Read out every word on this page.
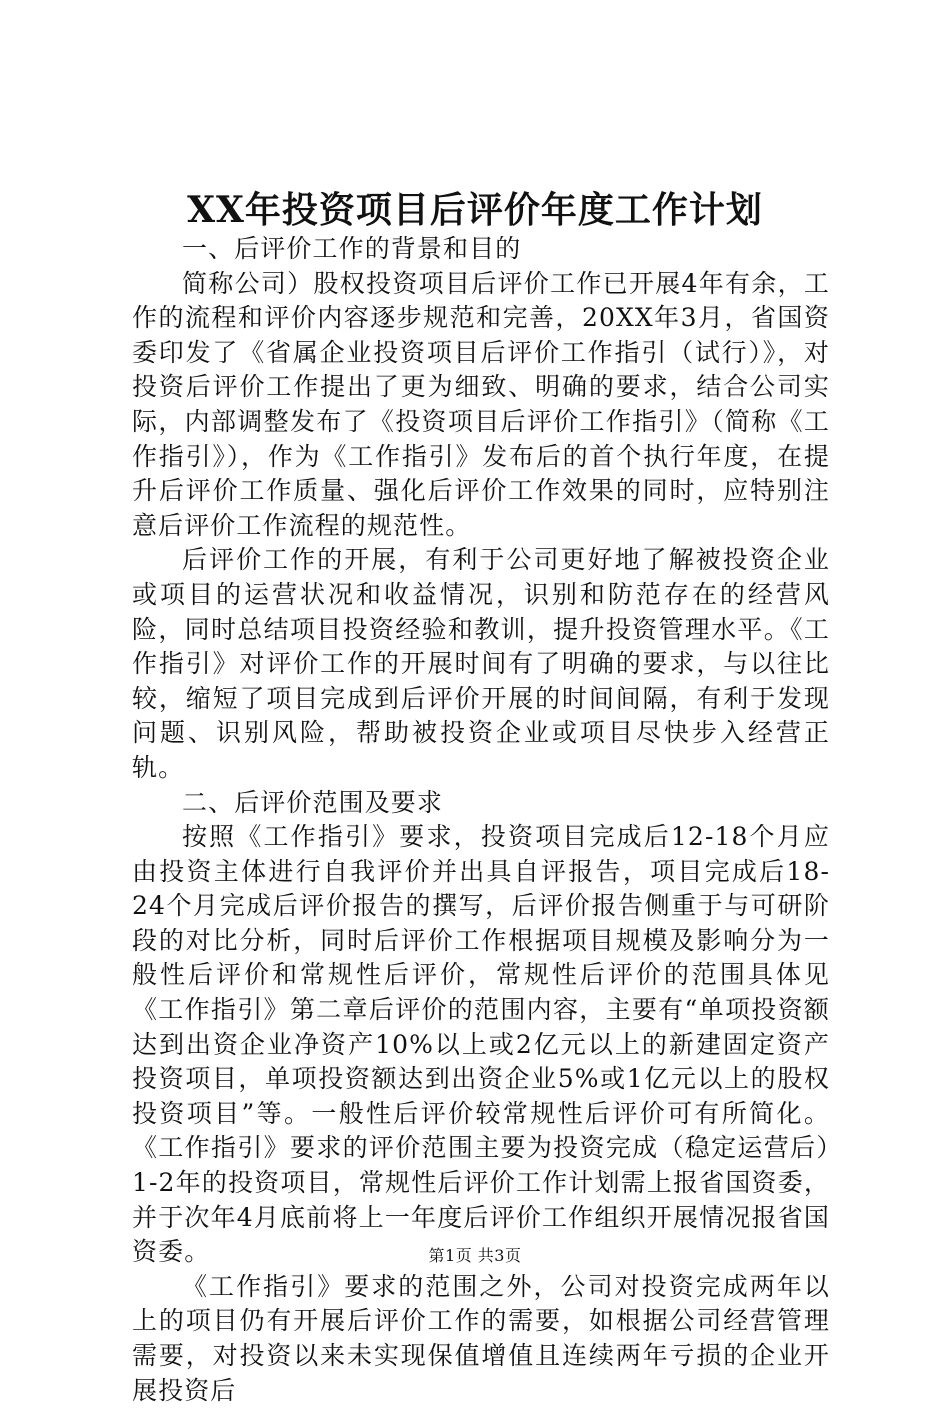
XX年投资项目后评价年度工作计划

一、后评价工作的背景和目的

简称公司）股权投资项目后评价工作已开展4年有余，工作的流程和评价内容逐步规范和完善，20XX年3月，省国资委印发了《省属企业投资项目后评价工作指引（试行）》，对投资后评价工作提出了更为细致、明确的要求，结合公司实际，内部调整发布了《投资项目后评价工作指引》（简称《工作指引》），作为《工作指引》发布后的首个执行年度，在提升后评价工作质量、强化后评价工作效果的同时，应特别注意后评价工作流程的规范性。

后评价工作的开展，有利于公司更好地了解被投资企业或项目的运营状况和收益情况，识别和防范存在的经营风险，同时总结项目投资经验和教训，提升投资管理水平。《工作指引》对评价工作的开展时间有了明确的要求，与以往比较，缩短了项目完成到后评价开展的时间间隔，有利于发现问题、识别风险，帮助被投资企业或项目尽快步入经营正轨。

二、后评价范围及要求

按照《工作指引》要求，投资项目完成后12-18个月应由投资主体进行自我评价并出具自评报告，项目完成后18-24个月完成后评价报告的撰写，后评价报告侧重于与可研阶段的对比分析，同时后评价工作根据项目规模及影响分为一般性后评价和常规性后评价，常规性后评价的范围具体见《工作指引》第二章后评价的范围内容，主要有“单项投资额达到出资企业净资产10%以上或2亿元以上的新建固定资产投资项目，单项投资额达到出资企业5%或1亿元以上的股权投资项目”等。一般性后评价较常规性后评价可有所简化。《工作指引》要求的评价范围主要为投资完成（稳定运营后）1-2年的投资项目，常规性后评价工作计划需上报省国资委，并于次年4月底前将上一年度后评价工作组织开展情况报省国资委。

《工作指引》要求的范围之外，公司对投资完成两年以上的项目仍有开展后评价工作的需要，如根据公司经营管理需要，对投资以来未实现保值增值且连续两年亏损的企业开展投资后

第1页 共3页
